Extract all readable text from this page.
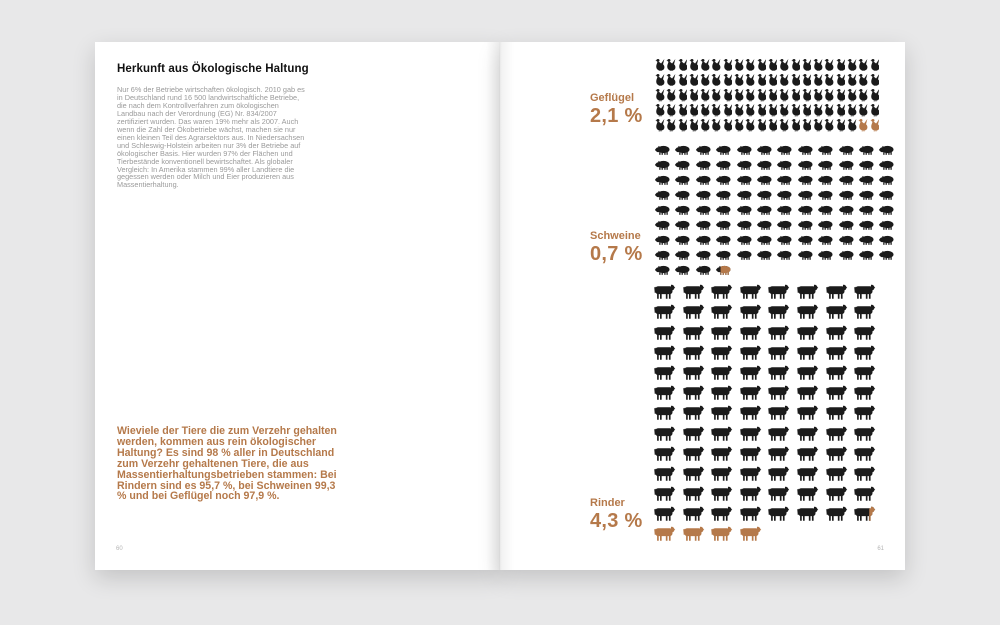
Herkunft aus Ökologische Haltung

Nur 6% der Betriebe wirtschaften ökologisch. 2010 gab es in Deutschland rund 16 500 landwirtschaftliche Betriebe, die nach dem Kontrollverfahren zum ökologischen Landbau nach der Verordnung (EG) Nr. 834/2007 zertifiziert wurden. Das waren 19% mehr als 2007. Auch wenn die Zahl der Ökobetriebe wächst, machen sie nur einen kleinen Teil des Agrarsektors aus. In Niedersachsen und Schleswig-Holstein arbeiten nur 3% der Betriebe auf ökologischer Basis. Hier wurden 97% der Flächen und Tierbestände konventionell bewirtschaftet. Als globaler Vergleich: In Amerika stammen 99% aller Landtiere die gegessen werden oder Milch und Eier produzieren aus Massentierhaltung.

Wieviele der Tiere die zum Verzehr gehalten werden, kommen aus rein ökologischer Haltung? Es sind 98 % aller in Deutschland zum Verzehr gehaltenen Tiere, die aus Massentierhaltungsbetrieben stammen: Bei Rindern sind es 95,7 %, bei Schweinen 99,3 % und bei Geflügel noch 97,9 %.

60
Geflügel
2,1 %
Schweine
0,7 %
Rinder
4,3 %
61
